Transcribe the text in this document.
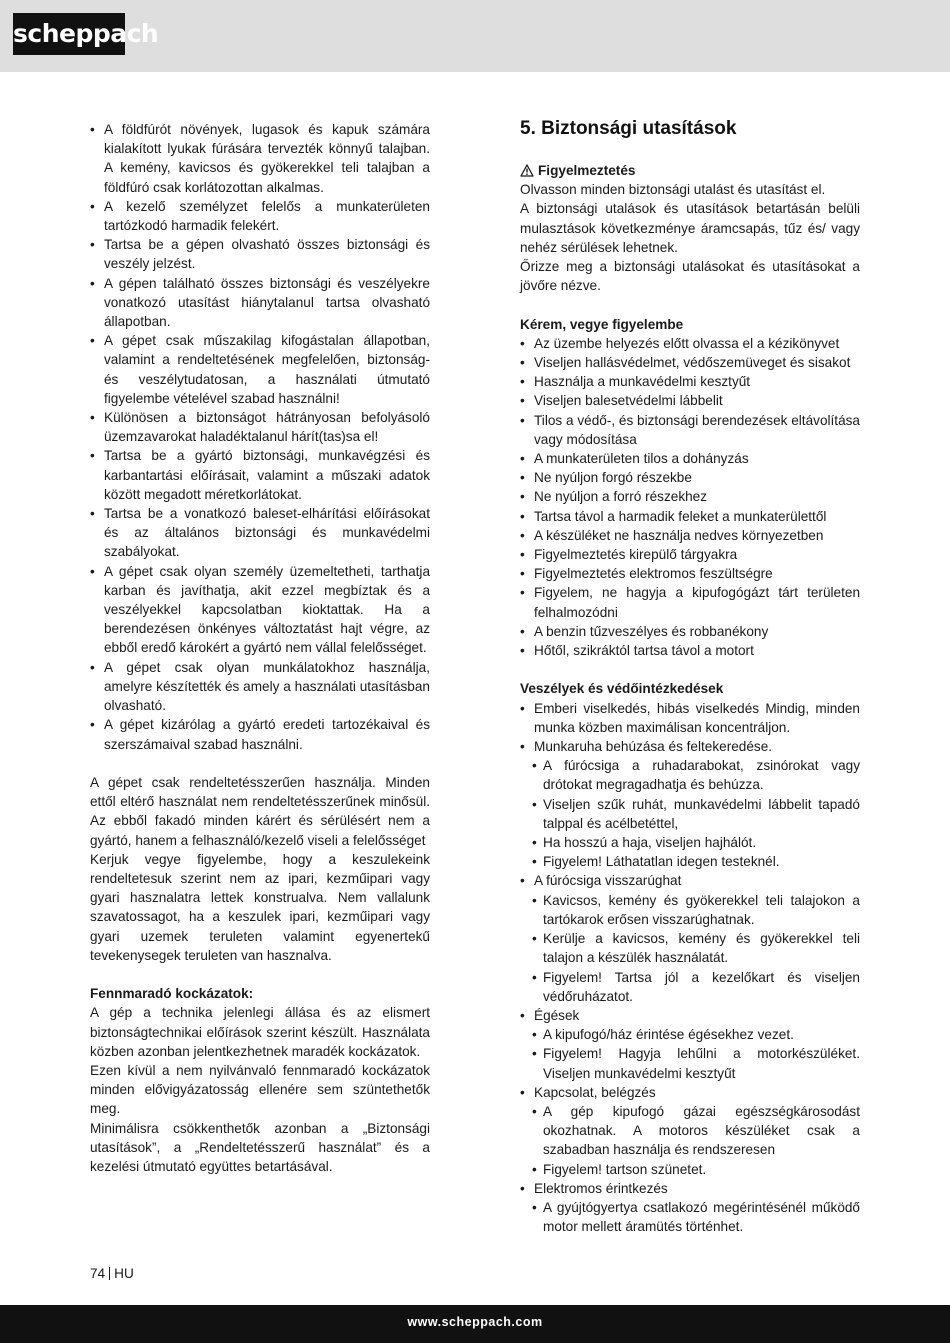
scheppach
• A földfúrót növények, lugasok és kapuk számára kialakított lyukak fúrására tervezték könnyű talajban. A kemény, kavicsos és gyökerekkel teli talajban a földfúró csak korlátozottan alkalmas.
• A kezelő személyzet felelős a munkaterületen tartózkodó harmadik felekért.
• Tartsa be a gépen olvasható összes biztonsági és veszély jelzést.
• A gépen található összes biztonsági és veszélyekre vonatkozó utasítást hiánytalanul tartsa olvasható állapotban.
• A gépet csak műszakilag kifogástalan állapotban, valamint a rendeltetésének megfelelően, biztonság- és veszélytudatosan, a használati útmutató figyelembe vételével szabad használni!
• Különösen a biztonságot hátrányosan befolyásoló üzemzavarokat haladéktalanul hárít(tas)sa el!
• Tartsa be a gyártó biztonsági, munkavégzési és karbantartási előírásait, valamint a műszaki adatok között megadott méretkorlátokat.
• Tartsa be a vonatkozó baleset-elhárítási előírásokat és az általános biztonsági és munkavédelmi szabályokat.
• A gépet csak olyan személy üzemeltetheti, tarthatja karban és javíthatja, akit ezzel megbíztak és a veszélyekkel kapcsolatban kioktattak. Ha a berendezésen önkényes változtatást hajt végre, az ebből eredő károkért a gyártó nem vállal felelősséget.
• A gépet csak olyan munkálatokhoz használja, amelyre készítették és amely a használati utasításban olvasható.
• A gépet kizárólag a gyártó eredeti tartozékaival és szerszámaival szabad használni.

A gépet csak rendeltetésszerűen használja. Minden ettől eltérő használat nem rendeltetésszerűnek minősül. Az ebből fakadó minden kárért és sérülésért nem a gyártó, hanem a felhasználó/kezelő viseli a felelősséget

Kerjuk vegye figyelembe, hogy a keszulekeink rendeltetesuk szerint nem az ipari, kezműipari vagy gyari hasznalatra lettek konstrualva. Nem vallalunk szavatossagot, ha a keszulek ipari, kezműipari vagy gyari uzemek teruleten valamint egyenertekű tevekenysegek teruleten van hasznalva.

Fennmaradó kockázatok:

A gép a technika jelenlegi állása és az elismert biztonságtechnikai előírások szerint készült. Használata közben azonban jelentkezhetnek maradék kockázatok.

Ezen kívül a nem nyilvánvaló fennmaradó kockázatok minden elővigyázatosság ellenére sem szüntethetők meg.

Minimálisra csökkenthetők azonban a „Biztonsági utasítások”, a „Rendeltetésszerű használat” és a kezelési útmutató együttes betartásával.

5. Biztonsági utasítások
Figyelmeztetés

Olvasson minden biztonsági utalást és utasítást el.

A biztonsági utalások és utasítások betartásán belüli mulasztások következménye áramcsapás, tűz és/ vagy nehéz sérülések lehetnek.

Őrizze meg a biztonsági utalásokat és utasításokat a jövőre nézve.

Kérem, vegye figyelembe

• Az üzembe helyezés előtt olvassa el a kézikönyvet
• Viseljen hallásvédelmet, védőszemüveget és sisakot
• Használja a munkavédelmi kesztyűt
• Viseljen balesetvédelmi lábbelit
• Tilos a védő-, és biztonsági berendezések eltávolítása vagy módosítása
• A munkaterületen tilos a dohányzás
• Ne nyúljon forgó részekbe
• Ne nyúljon a forró részekhez
• Tartsa távol a harmadik feleket a munkaterülettől
• A készüléket ne használja nedves környezetben
• Figyelmeztetés kirepülő tárgyakra
• Figyelmeztetés elektromos feszültségre
• Figyelem, ne hagyja a kipufogógázt tárt területen felhalmozódni
• A benzin tűzveszélyes és robbanékony
• Hőtől, szikráktól tartsa távol a motort

Veszélyek és védőintézkedések

• Emberi viselkedés, hibás viselkedés Mindig, minden munka közben maximálisan koncentráljon.
• Munkaruha behúzása és feltekeredése.
• A fúrócsiga a ruhadarabokat, zsinórokat vagy drótokat megragadhatja és behúzza.
• Viseljen szűk ruhát, munkavédelmi lábbelit tapadó talppal és acélbetéttel,
• Ha hosszú a haja, viseljen hajhálót.
• Figyelem! Láthatatlan idegen testeknél.
• A fúrócsiga visszarúghat
• Kavicsos, kemény és gyökerekkel teli talajokon a tartókarok erősen visszarúghatnak.
• Kerülje a kavicsos, kemény és gyökerekkel teli talajon a készülék használatát.
• Figyelem! Tartsa jól a kezelőkart és viseljen védőruházatot.
• Égések
• A kipufogó/ház érintése égésekhez vezet.
• Figyelem! Hagyja lehűlni a motorkészüléket. Viseljen munkavédelmi kesztyűt
• Kapcsolat, belégzés
• A gép kipufogó gázai egészségkárosodást okozhatnak. A motoros készüléket csak a szabadban használja és rendszeresen
• Figyelem! tartson szünetet.
• Elektromos érintkezés
• A gyújtógyertya csatlakozó megérintésénél működő motor mellett áramütés történhet.
74 HU
www.scheppach.com
